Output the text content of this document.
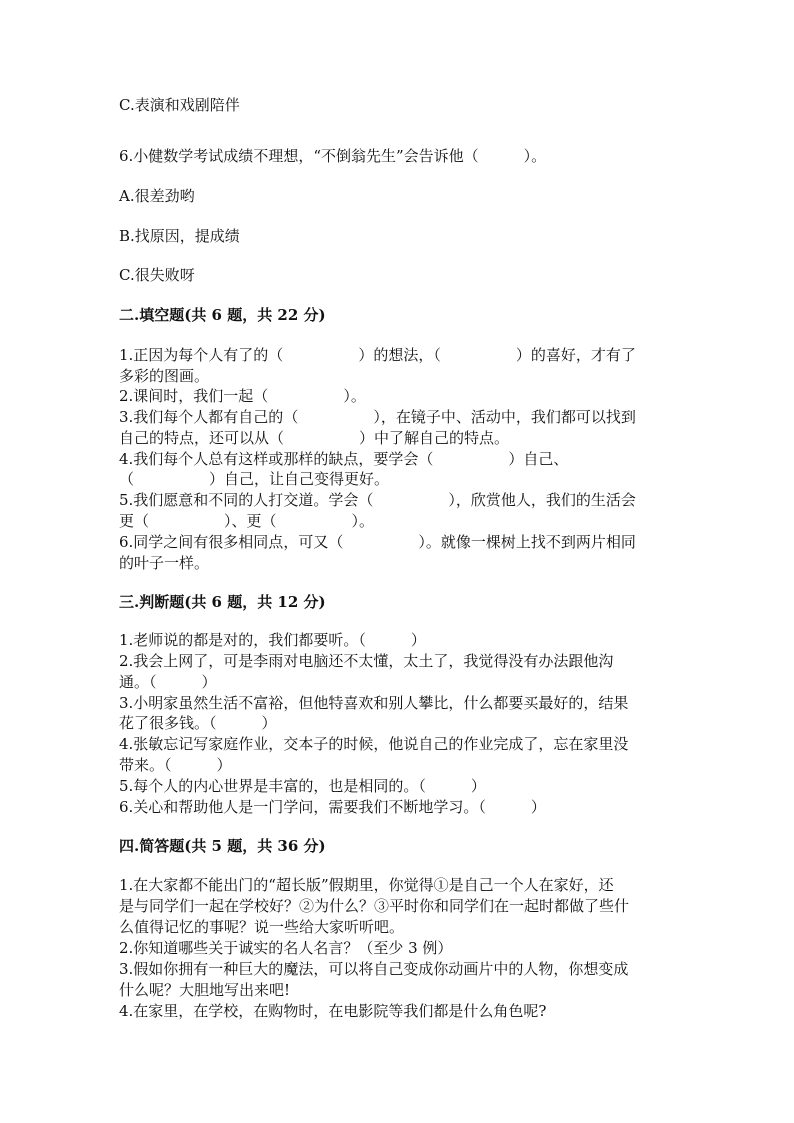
C.表演和戏剧陪伴
6.小健数学考试成绩不理想，“不倒翁先生”会告诉他（　　　）。
A.很差劲哟
B.找原因，提成绩
C.很失败呀
二.填空题(共 6 题，共 22 分)
1.正因为每个人有了的（　　　　　）的想法，（　　　　　）的喜好，才有了
多彩的图画。
2.课间时，我们一起（　　　　　）。
3.我们每个人都有自己的（　　　　　），在镜子中、活动中，我们都可以找到
自己的特点，还可以从（　　　　　）中了解自己的特点。
4.我们每个人总有这样或那样的缺点，要学会（　　　　　）自己、
（　　　　　）自己，让自己变得更好。
5.我们愿意和不同的人打交道。学会（　　　　　），欣赏他人，我们的生活会
更（　　　　　）、更（　　　　　）。
6.同学之间有很多相同点，可又（　　　　　）。就像一棵树上找不到两片相同
的叶子一样。
三.判断题(共 6 题，共 12 分)
1.老师说的都是对的，我们都要听。（　　　）
2.我会上网了，可是李雨对电脑还不太懂，太土了，我觉得没有办法跟他沟
通。（　　　）
3.小明家虽然生活不富裕，但他特喜欢和别人攀比，什么都要买最好的，结果
花了很多钱。（　　　）
4.张敏忘记写家庭作业，交本子的时候，他说自己的作业完成了，忘在家里没
带来。（　　　）
5.每个人的内心世界是丰富的，也是相同的。（　　　）
6.关心和帮助他人是一门学问，需要我们不断地学习。（　　　）
四.简答题(共 5 题，共 36 分)
1.在大家都不能出门的“超长版”假期里，你觉得①是自己一个人在家好，还
是与同学们一起在学校好？②为什么？③平时你和同学们在一起时都做了些什
么值得记忆的事呢？说一些给大家听听吧。
2.你知道哪些关于诚实的名人名言？（至少 3 例）
3.假如你拥有一种巨大的魔法，可以将自己变成你动画片中的人物，你想变成
什么呢？大胆地写出来吧!
4.在家里，在学校，在购物时，在电影院等我们都是什么角色呢?
